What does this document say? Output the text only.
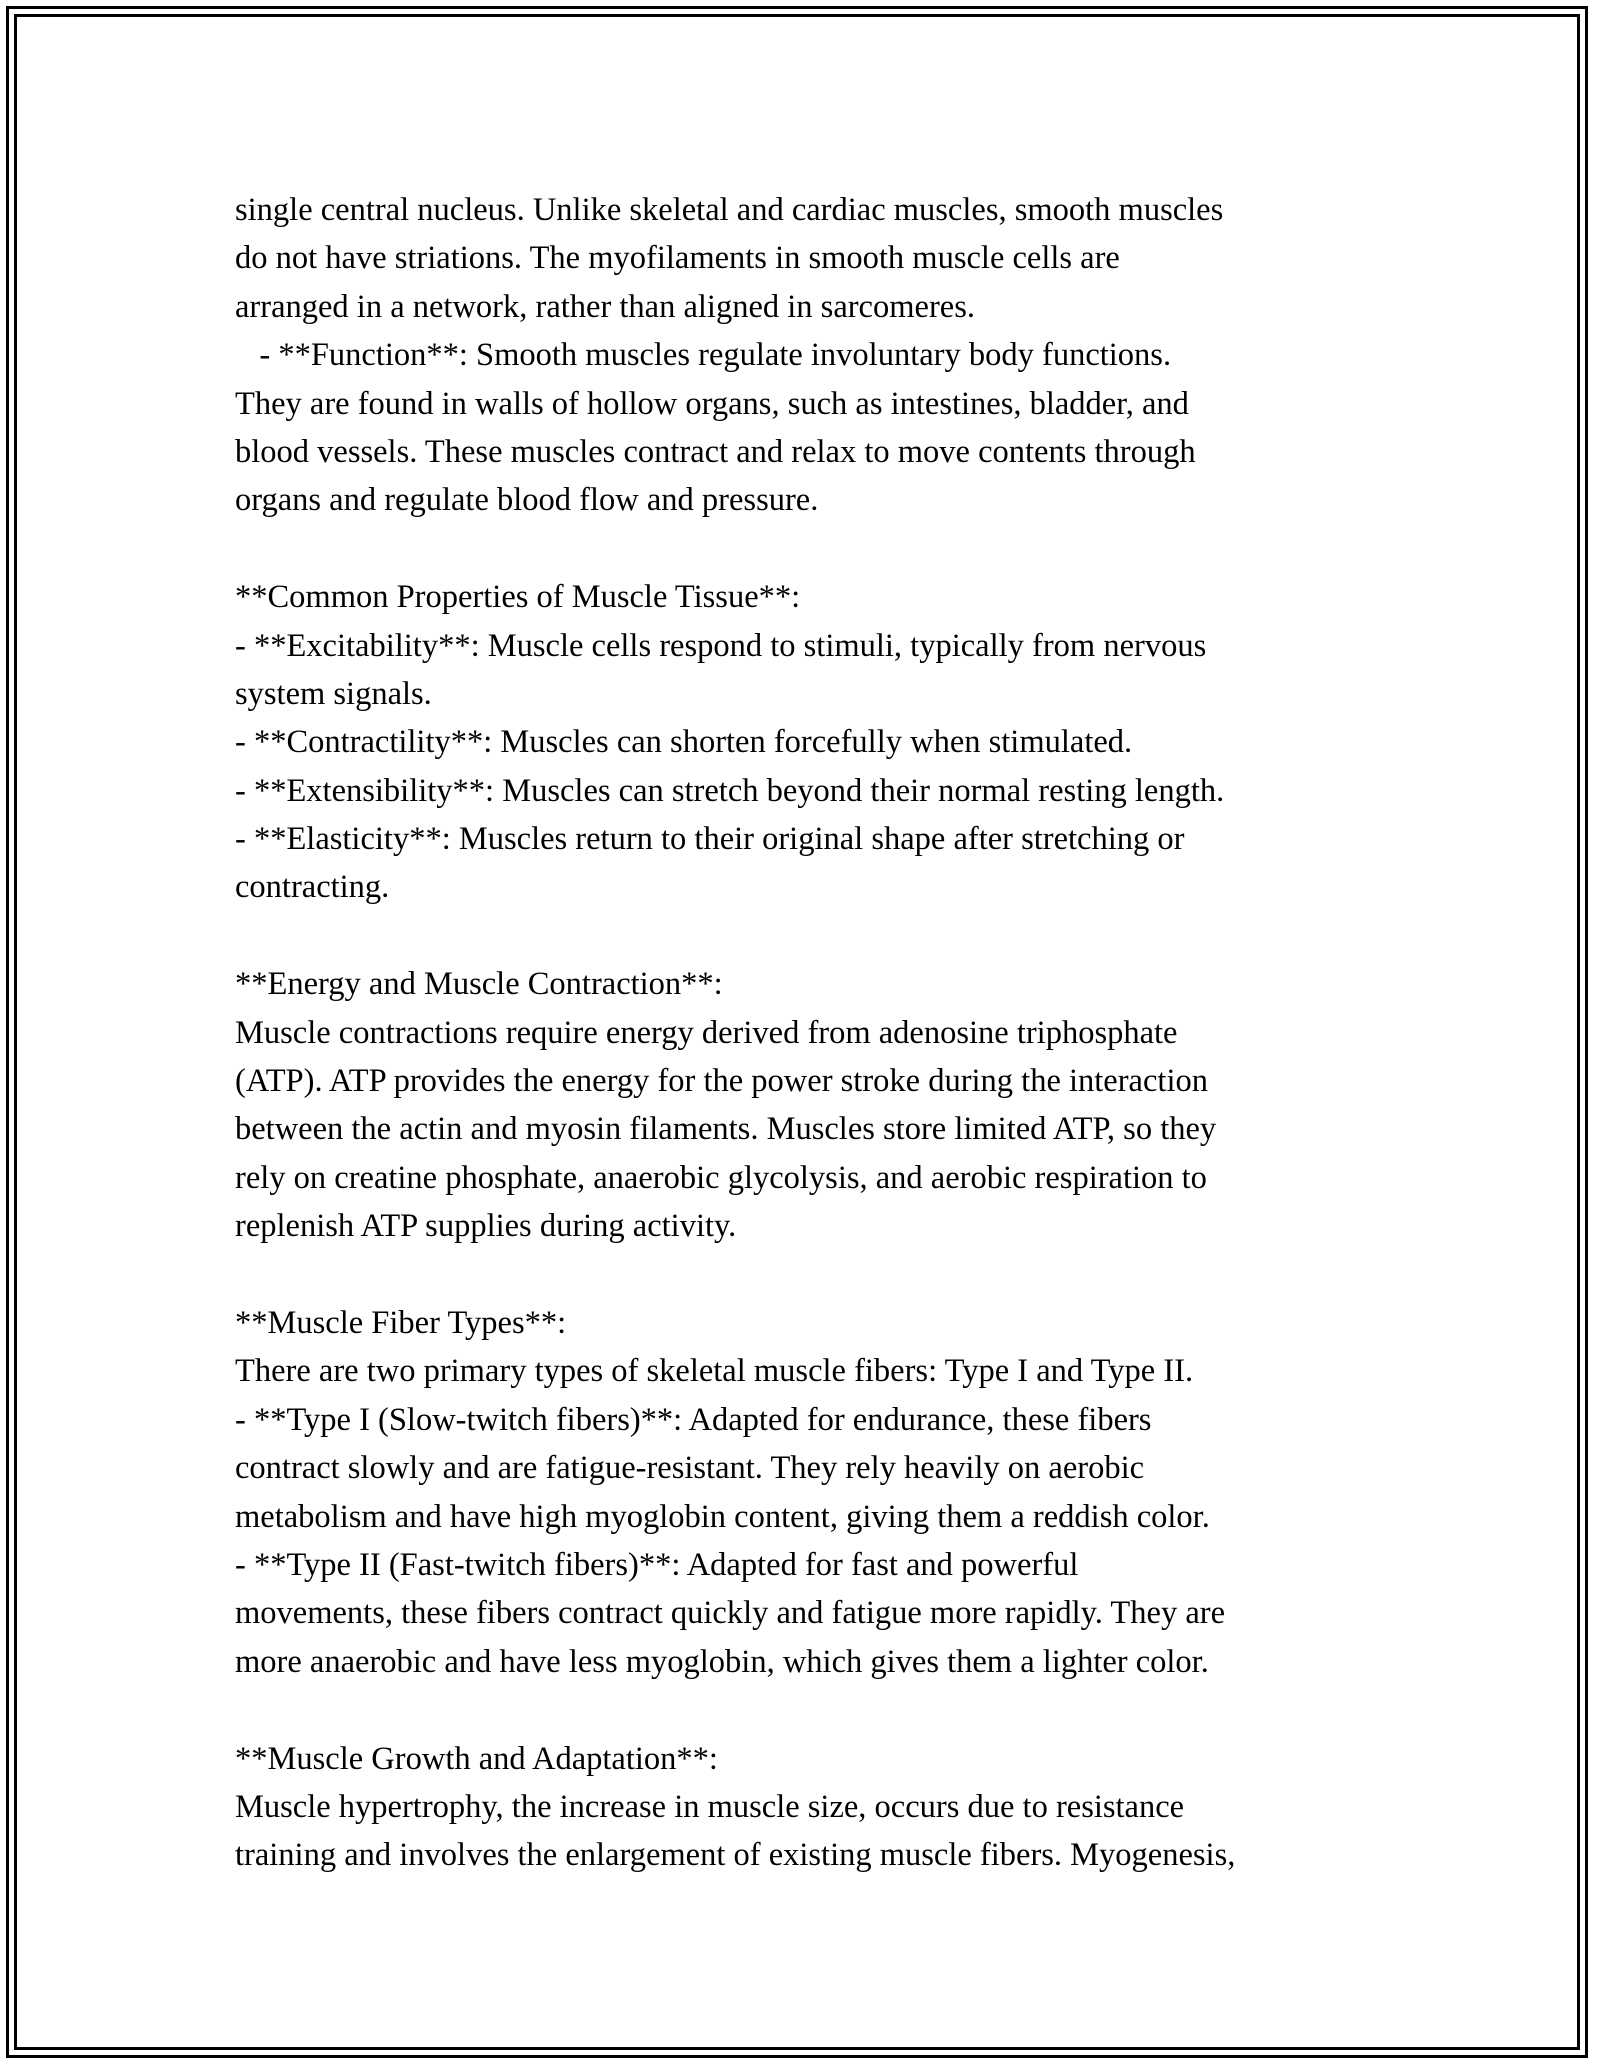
single central nucleus. Unlike skeletal and cardiac muscles, smooth muscles
do not have striations. The myofilaments in smooth muscle cells are
arranged in a network, rather than aligned in sarcomeres.
- **Function**: Smooth muscles regulate involuntary body functions.
They are found in walls of hollow organs, such as intestines, bladder, and
blood vessels. These muscles contract and relax to move contents through
organs and regulate blood flow and pressure.
**Common Properties of Muscle Tissue**:
- **Excitability**: Muscle cells respond to stimuli, typically from nervous
system signals.
- **Contractility**: Muscles can shorten forcefully when stimulated.
- **Extensibility**: Muscles can stretch beyond their normal resting length.
- **Elasticity**: Muscles return to their original shape after stretching or
contracting.
**Energy and Muscle Contraction**:
Muscle contractions require energy derived from adenosine triphosphate
(ATP). ATP provides the energy for the power stroke during the interaction
between the actin and myosin filaments. Muscles store limited ATP, so they
rely on creatine phosphate, anaerobic glycolysis, and aerobic respiration to
replenish ATP supplies during activity.
**Muscle Fiber Types**:
There are two primary types of skeletal muscle fibers: Type I and Type II.
- **Type I (Slow-twitch fibers)**: Adapted for endurance, these fibers
contract slowly and are fatigue-resistant. They rely heavily on aerobic
metabolism and have high myoglobin content, giving them a reddish color.
- **Type II (Fast-twitch fibers)**: Adapted for fast and powerful
movements, these fibers contract quickly and fatigue more rapidly. They are
more anaerobic and have less myoglobin, which gives them a lighter color.
**Muscle Growth and Adaptation**:
Muscle hypertrophy, the increase in muscle size, occurs due to resistance
training and involves the enlargement of existing muscle fibers. Myogenesis,
